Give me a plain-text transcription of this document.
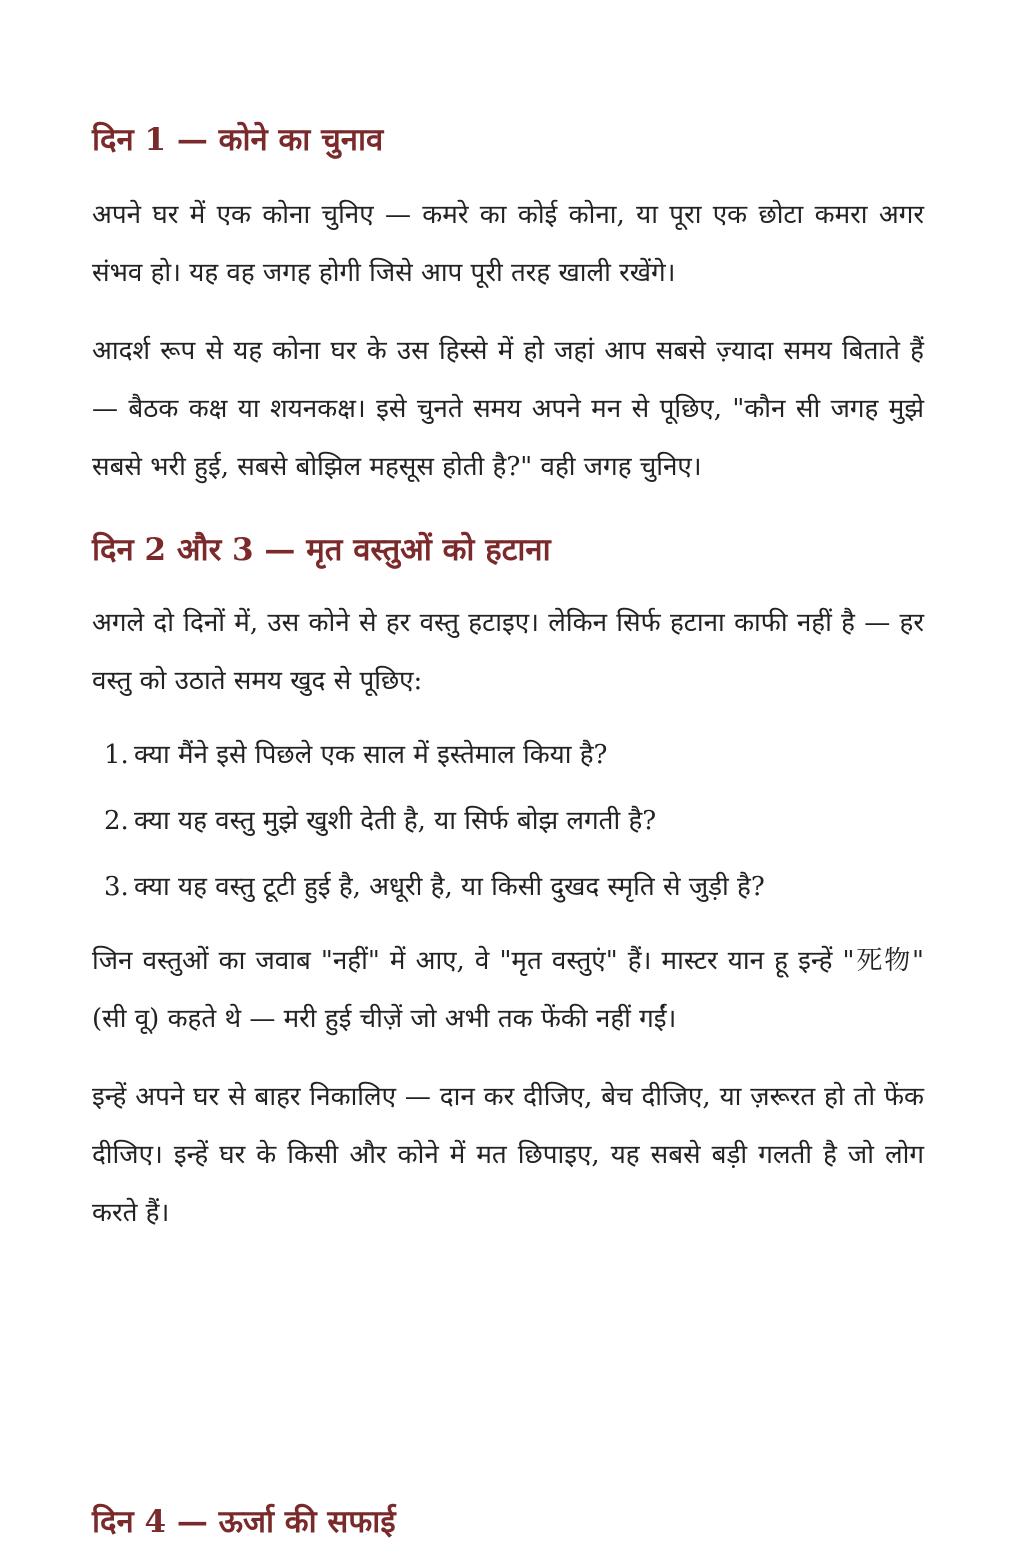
दिन 1 — कोने का चुनाव

अपने घर में एक कोना चुनिए — कमरे का कोई कोना, या पूरा एक छोटा कमरा अगर संभव हो। यह वह जगह होगी जिसे आप पूरी तरह खाली रखेंगे।

आदर्श रूप से यह कोना घर के उस हिस्से में हो जहां आप सबसे ज़्यादा समय बिताते हैं — बैठक कक्ष या शयनकक्ष। इसे चुनते समय अपने मन से पूछिए, "कौन सी जगह मुझे सबसे भरी हुई, सबसे बोझिल महसूस होती है?" वही जगह चुनिए।

दिन 2 और 3 — मृत वस्तुओं को हटाना

अगले दो दिनों में, उस कोने से हर वस्तु हटाइए। लेकिन सिर्फ हटाना काफी नहीं है — हर वस्तु को उठाते समय खुद से पूछिए:

1. क्या मैंने इसे पिछले एक साल में इस्तेमाल किया है?
2. क्या यह वस्तु मुझे खुशी देती है, या सिर्फ बोझ लगती है?
3. क्या यह वस्तु टूटी हुई है, अधूरी है, या किसी दुखद स्मृति से जुड़ी है?

जिन वस्तुओं का जवाब "नहीं" में आए, वे "मृत वस्तुएं" हैं। मास्टर यान हू इन्हें "死物" (सी वू) कहते थे — मरी हुई चीज़ें जो अभी तक फेंकी नहीं गईं।

इन्हें अपने घर से बाहर निकालिए — दान कर दीजिए, बेच दीजिए, या ज़रूरत हो तो फेंक दीजिए। इन्हें घर के किसी और कोने में मत छिपाइए, यह सबसे बड़ी गलती है जो लोग करते हैं।

दिन 4 — ऊर्जा की सफाई
